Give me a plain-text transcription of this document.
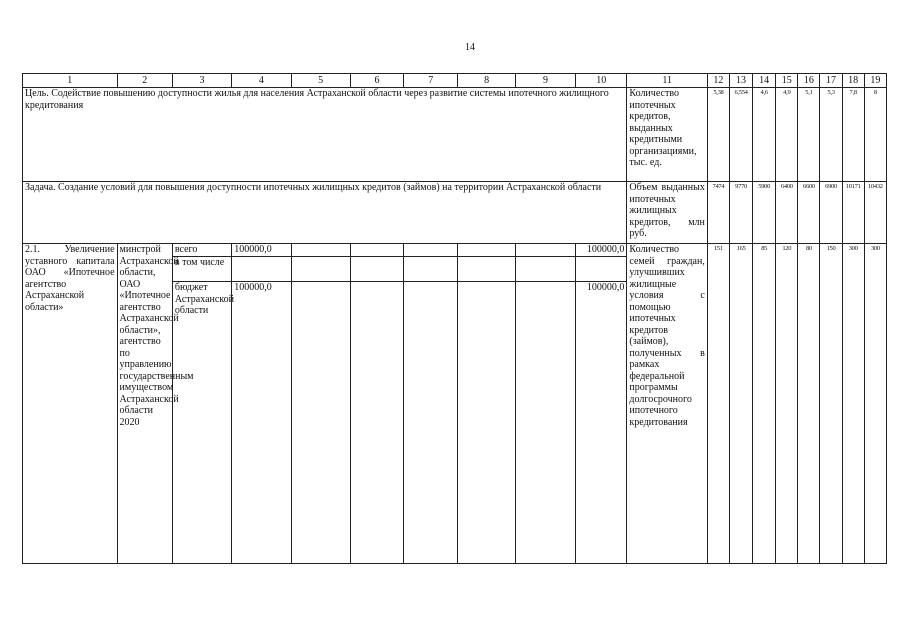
14
1	2	3	4	5	6	7	8	9	10	11	12	13	14	15	16	17	18	19
Цель. Содействие повышению доступности жилья для населения Астраханской области через развитие системы ипотечного жилищного кредитования										Количество ипотечных кредитов, выданных кредитными организациями, тыс. ед.	5,38	6,554	4,6	4,9	5,1	5,3	7,8	8
Задача. Создание условий для повышения доступности ипотечных жилищных кредитов (займов) на территории Астраханской области										Объем выданных ипотечных жилищных кредитов, млн руб.	7474	9770	5900	6400	6600	6900	10171	10432
2.1. Увеличение уставного капитала ОАО «Ипотечное агентство Астраханской области»	минстрой Астраханской области, ОАО «Ипотечное агентство Астраханской области», агентство по управлению государственным имуществом Астраханской области 2020	всего	100000,0						100000,0	Количество семей граждан, улучшивших жилищные условия с помощью ипотечных кредитов (займов), полученных в рамках федеральной программы долгосрочного ипотечного кредитования	151	165	85	120	80	150	300	300
		в том числе																
		бюджет Астраханской области	100000,0						100000,0									
